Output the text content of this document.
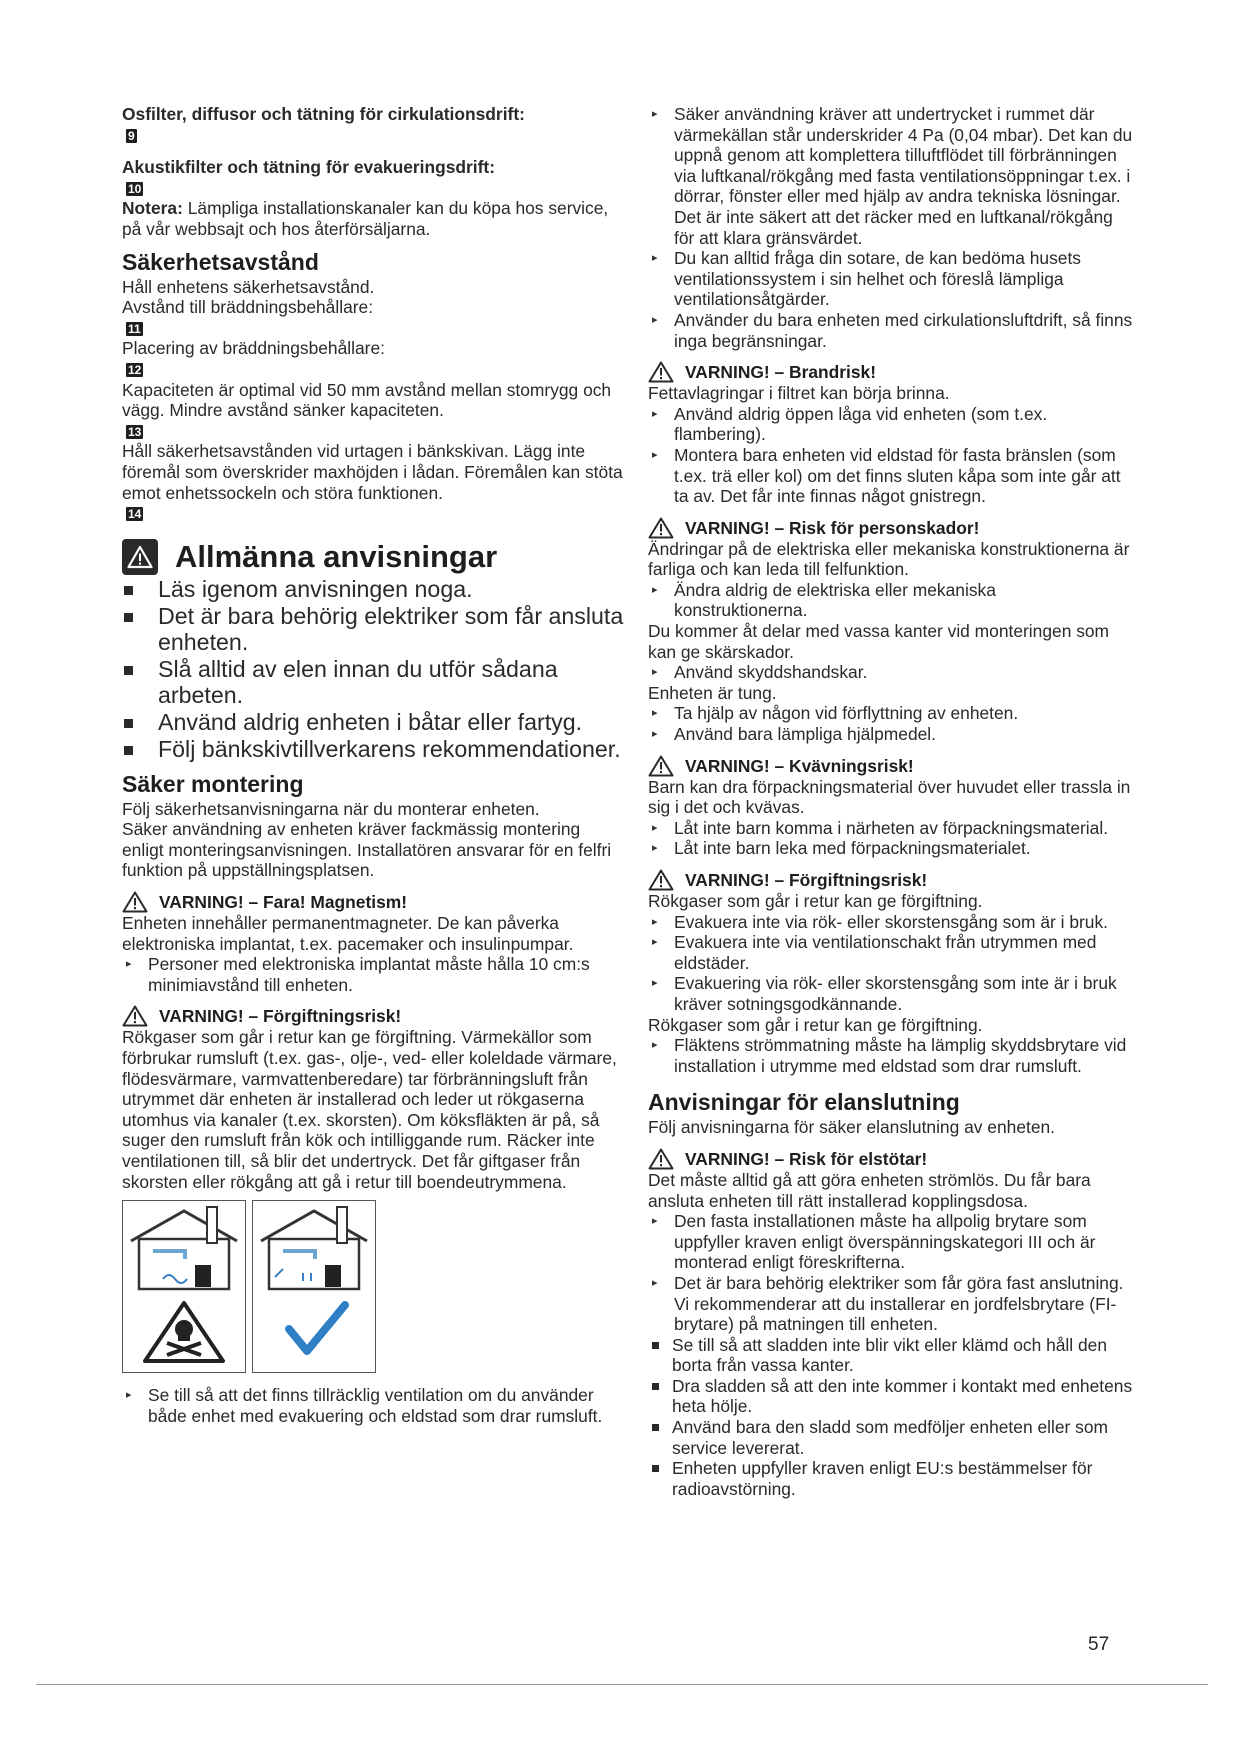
Osfilter, diffusor och tätning för cirkulationsdrift:

9

Akustikfilter och tätning för evakueringsdrift:

10

Notera: Lämpliga installationskanaler kan du köpa hos service, på vår webbsajt och hos återförsäljarna.

Säkerhetsavstånd

Håll enhetens säkerhetsavstånd.

Avstånd till bräddningsbehållare:

11

Placering av bräddningsbehållare:

12

Kapaciteten är optimal vid 50 mm avstånd mellan stomrygg och vägg. Mindre avstånd sänker kapaciteten.

13

Håll säkerhetsavstånden vid urtagen i bänkskivan. Lägg inte föremål som överskrider maxhöjden i lådan. Föremålen kan stöta emot enhetssockeln och störa funktionen.

14

Allmänna anvisningar

Läs igenom anvisningen noga.

Det är bara behörig elektriker som får ansluta enheten.

Slå alltid av elen innan du utför sådana arbeten.

Använd aldrig enheten i båtar eller fartyg.

Följ bänkskivtillverkarens rekommendationer.

Säker montering

Följ säkerhetsanvisningarna när du monterar enheten.

Säker användning av enheten kräver fackmässig montering enligt monteringsanvisningen. Installatören ansvarar för en felfri funktion på uppställningsplatsen.

VARNING! – Fara! Magnetism!

Enheten innehåller permanentmagneter. De kan påverka elektroniska implantat, t.ex. pacemaker och insulinpumpar.

▸ Personer med elektroniska implantat måste hålla 10 cm:s minimiavstånd till enheten.

VARNING! – Förgiftningsrisk!

Rökgaser som går i retur kan ge förgiftning. Värmekällor som förbrukar rumsluft (t.ex. gas-, olje-, ved- eller koleldade värmare, flödesvärmare, varmvattenberedare) tar förbränningsluft från utrymmet där enheten är installerad och leder ut rökgaserna utomhus via kanaler (t.ex. skorsten). Om köksfläkten är på, så suger den rumsluft från kök och intilliggande rum. Räcker inte ventilationen till, så blir det undertryck. Det får giftgaser från skorsten eller rökgång att gå i retur till boendeutrymmena.

▸ Se till så att det finns tillräcklig ventilation om du använder både enhet med evakuering och eldstad som drar rumsluft.

▸ Säker användning kräver att undertrycket i rummet där värmekällan står underskrider 4 Pa (0,04 mbar). Det kan du uppnå genom att komplettera tilluftflödet till förbränningen via luftkanal/rökgång med fasta ventilationsöppningar t.ex. i dörrar, fönster eller med hjälp av andra tekniska lösningar. Det är inte säkert att det räcker med en luftkanal/rökgång för att klara gränsvärdet.

▸ Du kan alltid fråga din sotare, de kan bedöma husets ventilationssystem i sin helhet och föreslå lämpliga ventilationsåtgärder.

▸ Använder du bara enheten med cirkulationsluftdrift, så finns inga begränsningar.

VARNING! – Brandrisk!

Fettavlagringar i filtret kan börja brinna.

▸ Använd aldrig öppen låga vid enheten (som t.ex. flambering).

▸ Montera bara enheten vid eldstad för fasta bränslen (som t.ex. trä eller kol) om det finns sluten kåpa som inte går att ta av. Det får inte finnas något gnistregn.

VARNING! – Risk för personskador!

Ändringar på de elektriska eller mekaniska konstruktionerna är farliga och kan leda till felfunktion.

▸ Ändra aldrig de elektriska eller mekaniska konstruktionerna.

Du kommer åt delar med vassa kanter vid monteringen som kan ge skärskador.

▸ Använd skyddshandskar.

Enheten är tung.

▸ Ta hjälp av någon vid förflyttning av enheten.

▸ Använd bara lämpliga hjälpmedel.

VARNING! – Kvävningsrisk!

Barn kan dra förpackningsmaterial över huvudet eller trassla in sig i det och kvävas.

▸ Låt inte barn komma i närheten av förpackningsmaterial.

▸ Låt inte barn leka med förpackningsmaterialet.

VARNING! – Förgiftningsrisk!

Rökgaser som går i retur kan ge förgiftning.

▸ Evakuera inte via rök- eller skorstensgång som är i bruk.

▸ Evakuera inte via ventilationschakt från utrymmen med eldstäder.

▸ Evakuering via rök- eller skorstensgång som inte är i bruk kräver sotningsgodkännande.

Rökgaser som går i retur kan ge förgiftning.

▸ Fläktens strömmatning måste ha lämplig skyddsbrytare vid installation i utrymme med eldstad som drar rumsluft.

Anvisningar för elanslutning

Följ anvisningarna för säker elanslutning av enheten.

VARNING! – Risk för elstötar!

Det måste alltid gå att göra enheten strömlös. Du får bara ansluta enheten till rätt installerad kopplingsdosa.

▸ Den fasta installationen måste ha allpolig brytare som uppfyller kraven enligt överspänningskategori III och är monterad enligt föreskrifterna.

▸ Det är bara behörig elektriker som får göra fast anslutning. Vi rekommenderar att du installerar en jordfelsbrytare (FI-brytare) på matningen till enheten.

Se till så att sladden inte blir vikt eller klämd och håll den borta från vassa kanter.

Dra sladden så att den inte kommer i kontakt med enhetens heta hölje.

Använd bara den sladd som medföljer enheten eller som service levererat.

Enheten uppfyller kraven enligt EU:s bestämmelser för radioavstörning.

57
